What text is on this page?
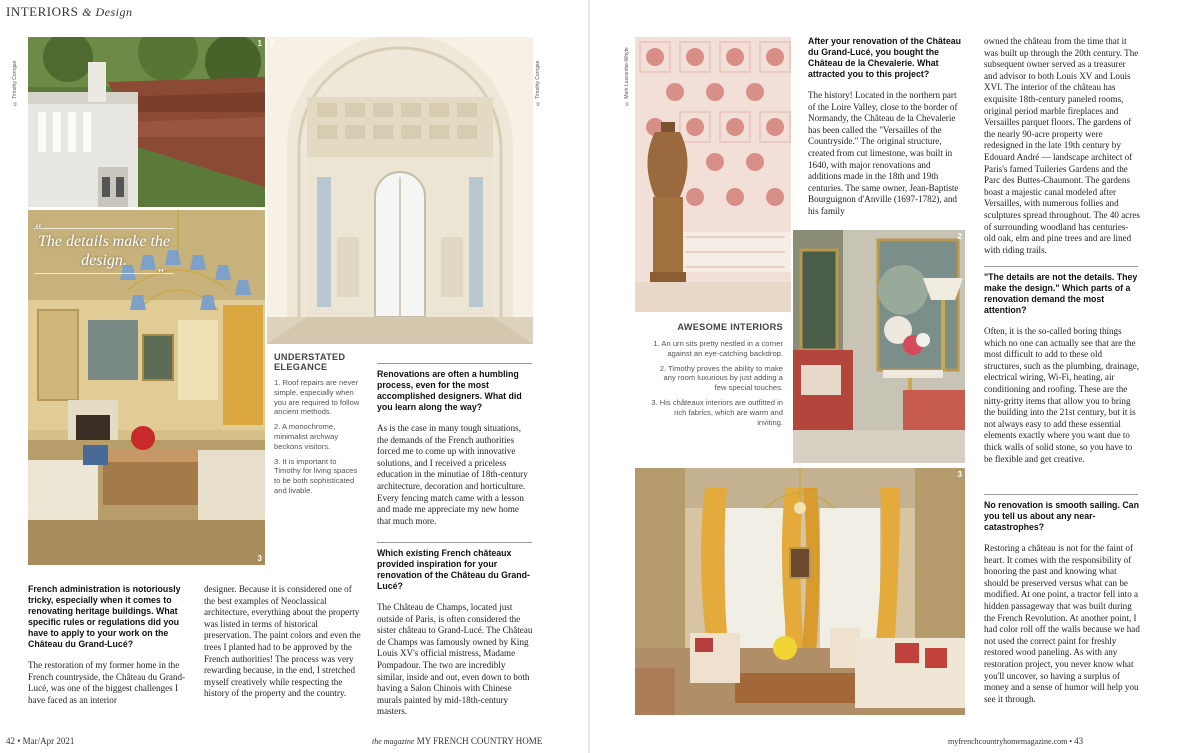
INTERIORS & Design
© Timothy Corrigan	© Timothy Corrigan	© Mark Luscombe-Whyte
1 2
“
The details make the design.
”
3
UNDERSTATED ELEGANCE

1. Roof repairs are never simple, especially when you are required to follow ancient methods.

2. A monochrome, minimalist archway beckons visitors.

3. It is important to Timothy for living spaces to be both sophisticated and livable.

Renovations are often a humbling process, even for the most accomplished designers. What did you learn along the way?

As is the case in many tough situations, the demands of the French authorities forced me to come up with innovative solutions, and I received a priceless education in the minutiae of 18th-century architecture, decoration and horticulture. Every fencing match came with a lesson and made me appreciate my new home that much more.

Which existing French châteaux provided inspiration for your renovation of the Château du Grand-Lucé?

The Château de Champs, located just outside of Paris, is often considered the sister château to Grand-Lucé. The Château de Champs was famously owned by King Louis XV's official mistress, Madame Pompadour. The two are incredibly similar, inside and out, even down to both having a Salon Chinois with Chinese murals painted by mid-18th-century masters.

French administration is notoriously tricky, especially when it comes to renovating heritage buildings. What specific rules or regulations did you have to apply to your work on the Château du Grand-Lucé?

The restoration of my former home in the French countryside, the Château du Grand-Lucé, was one of the biggest challenges I have faced as an interior

designer. Because it is considered one of the best examples of Neoclassical architecture, everything about the property was listed in terms of historical preservation. The paint colors and even the trees I planted had to be approved by the French authorities! The process was very rewarding because, in the end, I stretched myself creatively while respecting the history of the property and the country.

42 • Mar/Apr 2021	the magazine MY FRENCH COUNTRY HOME
2
3
AWESOME INTERIORS

1. An urn sits pretty nestled in a corner against an eye-catching backdrop.

2. Timothy proves the ability to make any room luxurious by just adding a few special touches.

3. His châteaux interiors are outfitted in rich fabrics, which are warm and inviting.

After your renovation of the Château du Grand-Lucé, you bought the Château de la Chevalerie. What attracted you to this project?

The history! Located in the northern part of the Loire Valley, close to the border of Normandy, the Château de la Chevalerie has been called the "Versailles of the Countryside." The original structure, created from cut limestone, was built in 1640, with major renovations and additions made in the 18th and 19th centuries. The same owner, Jean-Baptiste Bourguignon d'Anville (1697-1782), and his family

owned the château from the time that it was built up through the 20th century. The subsequent owner served as a treasurer and advisor to both Louis XV and Louis XVI. The interior of the château has exquisite 18th-century paneled rooms, original period marble fireplaces and Versailles parquet floors. The gardens of the nearly 90-acre property were redesigned in the late 19th century by Edouard André — landscape architect of Paris's famed Tuileries Gardens and the Parc des Buttes-Chaumont. The gardens boast a majestic canal modeled after Versailles, with numerous follies and sculptures spread throughout. The 40 acres of surrounding woodland has centuries-old oak, elm and pine trees and are lined with riding trails.

"The details are not the details. They make the design." Which parts of a renovation demand the most attention?

Often, it is the so-called boring things which no one can actually see that are the most difficult to add to these old structures, such as the plumbing, drainage, electrical wiring, Wi-Fi, heating, air conditioning and roofing. These are the nitty-gritty items that allow you to bring the building into the 21st century, but it is not always easy to add these essential elements exactly where you want due to thick walls of solid stone, so you have to be flexible and get creative.

No renovation is smooth sailing. Can you tell us about any near-catastrophes?

Restoring a château is not for the faint of heart. It comes with the responsibility of honoring the past and knowing what should be preserved versus what can be modified. At one point, a tractor fell into a hidden passageway that was built during the French Revolution. At another point, I had color roll off the walls because we had not used the correct paint for freshly restored wood paneling. As with any restoration project, you never know what you'll uncover, so having a surplus of money and a sense of humor will help you see it through.

myfrenchcountryhomemagazine.com • 43
